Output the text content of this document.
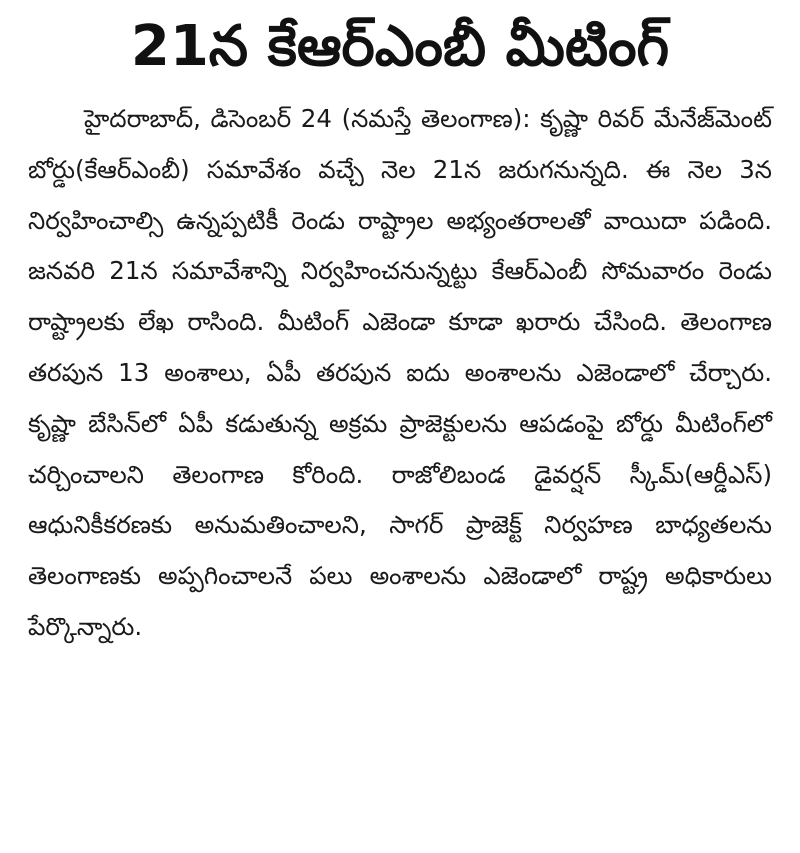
21న కేఆర్‌ఎంబీ మీటింగ్

హైదరాబాద్, డిసెంబర్ 24 (నమస్తే తెలంగాణ): కృష్ణా రివర్ మేనేజ్‌మెంట్ బోర్డు(కేఆర్‌ఎంబీ) సమావేశం వచ్చే నెల 21న జరుగనున్నది. ఈ నెల 3న నిర్వహించాల్సి ఉన్నప్పటికీ రెండు రాష్ట్రాల అభ్యంతరాలతో వాయిదా పడింది. జనవరి 21న సమావేశాన్ని నిర్వహించనున్నట్టు కేఆర్‌ఎంబీ సోమవారం రెండు రాష్ట్రాలకు లేఖ రాసింది. మీటింగ్ ఎజెండా కూడా ఖరారు చేసింది. తెలంగాణ తరపున 13 అంశాలు, ఏపీ తరపున ఐదు అంశాలను ఎజెండాలో చేర్చారు. కృష్ణా బేసిన్‌లో ఏపీ కడుతున్న అక్రమ ప్రాజెక్టులను ఆపడంపై బోర్డు మీటింగ్‌లో చర్చించాలని తెలంగాణ కోరింది. రాజోలిబండ డైవర్షన్ స్కీమ్(ఆర్డీఎస్) ఆధునికీకరణకు అనుమతించాలని, సాగర్ ప్రాజెక్ట్ నిర్వహణ బాధ్యతలను తెలంగాణకు అప్పగించాలనే పలు అంశాలను ఎజెండాలో రాష్ట్ర అధికారులు పేర్కొన్నారు.
